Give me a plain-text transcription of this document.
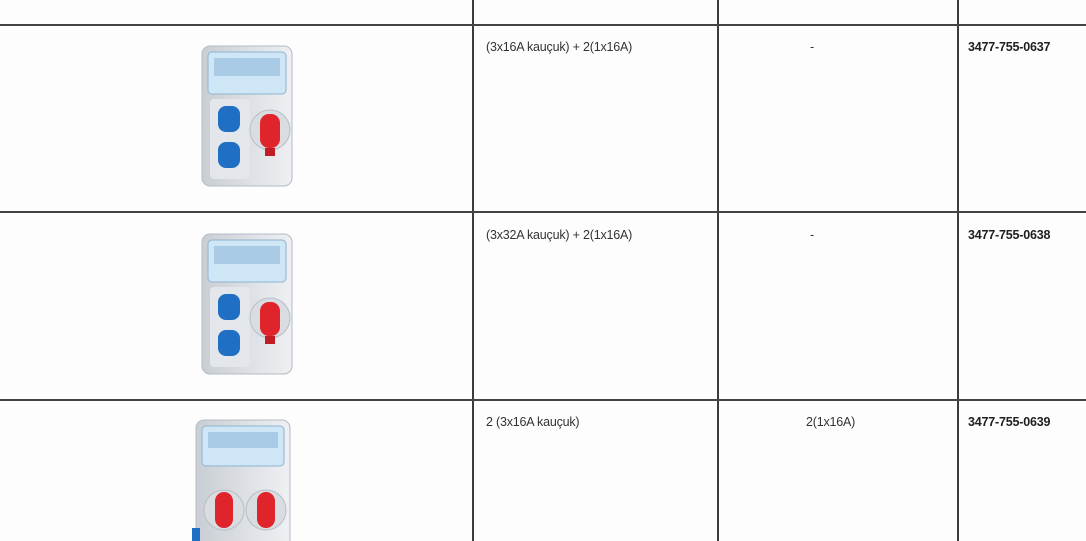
(3x16A kauçuk) + 2(1x16A)	-	3477-755-0637
(3x32A kauçuk) + 2(1x16A)	-	3477-755-0638
2 (3x16A kauçuk)	2(1x16A)	3477-755-0639
